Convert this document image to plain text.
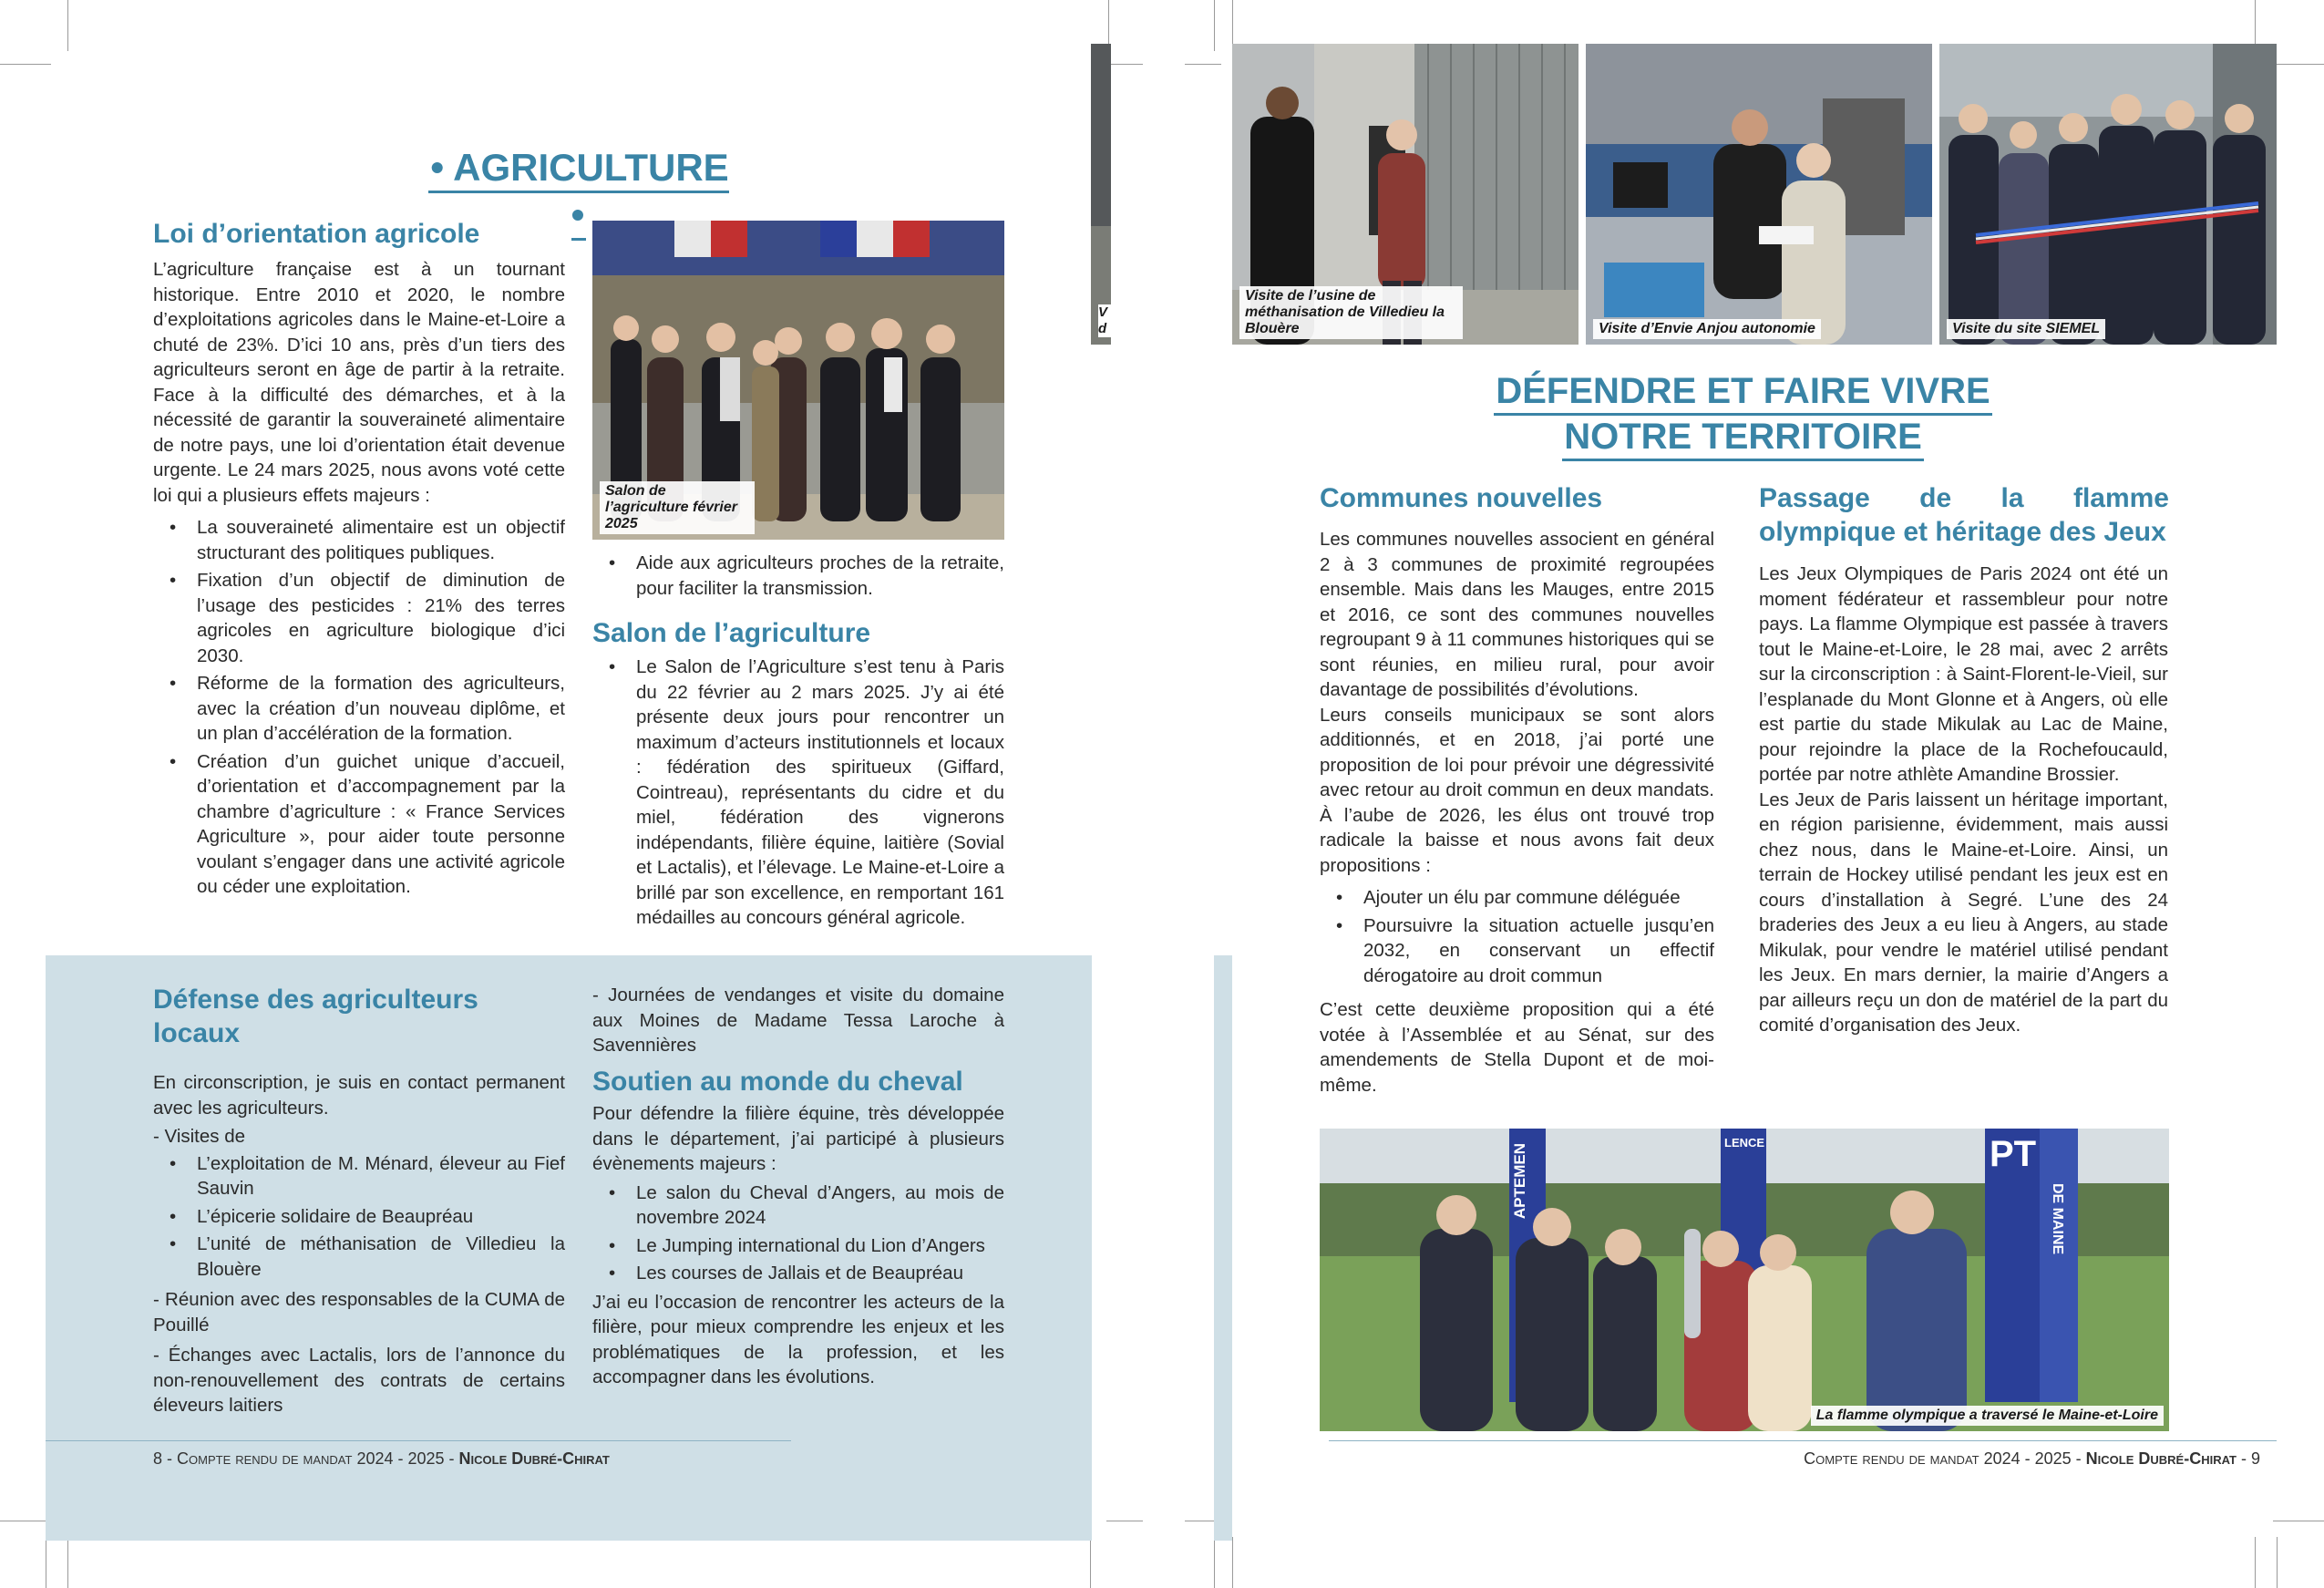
• AGRICULTURE •
Loi d’orientation agricole

L’agriculture française est à un tournant historique. Entre 2010 et 2020, le nombre d’exploitations agricoles dans le Maine-et-Loire a chuté de 23%. D’ici 10 ans, près d’un tiers des agriculteurs seront en âge de partir à la retraite. Face à la difficulté des démarches, et à la nécessité de garantir la souveraineté alimentaire de notre pays, une loi d’orientation était devenue urgente. Le 24 mars 2025, nous avons voté cette loi qui a plusieurs effets majeurs :

• La souveraineté alimentaire est un objectif structurant des politiques publiques.
• Fixation d’un objectif de diminution de l’usage des pesticides : 21% des terres agricoles en agriculture biologique d’ici 2030.
• Réforme de la formation des agriculteurs, avec la création d’un nouveau diplôme, et un plan d’accélération de la formation.
• Création d’un guichet unique d’accueil, d’orientation et d’accompagnement par la chambre d’agriculture : « France Services Agriculture », pour aider toute personne voulant s’engager dans une activité agricole ou céder une exploitation.
Salon de l’agriculture février 2025
• Aide aux agriculteurs proches de la retraite, pour faciliter la transmission.
Salon de l’agriculture
• Le Salon de l’Agriculture s’est tenu à Paris du 22 février au 2 mars 2025. J’y ai été présente deux jours pour rencontrer un maximum d’acteurs institutionnels et locaux : fédération des spiritueux (Giffard, Cointreau), représentants du cidre et du miel, fédération des vignerons indépendants, filière équine, laitière (Sovial et Lactalis), et l’élevage. Le Maine-et-Loire a brillé par son excellence, en remportant 161 médailles au concours général agricole.
Défense des agriculteurs locaux

En circonscription, je suis en contact permanent avec les agriculteurs.

- Visites de

• L’exploitation de M. Ménard, éleveur au Fief Sauvin
• L’épicerie solidaire de Beaupréau
• L’unité de méthanisation de Villedieu la Blouère

- Réunion avec des responsables de la CUMA de Pouillé

- Échanges avec Lactalis, lors de l’annonce du non-renouvellement des contrats de certains éleveurs laitiers

- Journées de vendanges et visite du domaine aux Moines de Madame Tessa Laroche à Savennières
Soutien au monde du cheval

Pour défendre la filière équine, très développée dans le département, j’ai participé à plusieurs évènements majeurs :

• Le salon du Cheval d’Angers, au mois de novembre 2024
• Le Jumping international du Lion d’Angers
• Les courses de Jallais et de Beaupréau

J’ai eu l’occasion de rencontrer les acteurs de la filière, pour mieux comprendre les enjeux et les problématiques de la profession, et les accompagner dans les évolutions.

8 - Compte rendu de mandat 2024 - 2025 - Nicole Dubré-Chirat
V
d
Visite de l’usine de méthanisation de Villedieu la Blouère	Visite d’Envie Anjou autonomie	Visite du site SIEMEL
DÉFENDRE ET FAIRE VIVRE
NOTRE TERRITOIRE
Communes nouvelles

Les communes nouvelles associent en général 2 à 3 communes de proximité regroupées ensemble. Mais dans les Mauges, entre 2015 et 2016, ce sont des communes nouvelles regroupant 9 à 11 communes historiques qui se sont réunies, en milieu rural, pour avoir davantage de possibilités d’évolutions.

Leurs conseils municipaux se sont alors additionnés, et en 2018, j’ai porté une proposition de loi pour prévoir une dégressivité avec retour au droit commun en deux mandats. À l’aube de 2026, les élus ont trouvé trop radicale la baisse et nous avons fait deux propositions :

• Ajouter un élu par commune déléguée
• Poursuivre la situation actuelle jusqu’en 2032, en conservant un effectif dérogatoire au droit commun

C’est cette deuxième proposition qui a été votée à l’Assemblée et au Sénat, sur des amendements de Stella Dupont et de moi-même.

Passage de la flamme olympique et héritage des Jeux

Les Jeux Olympiques de Paris 2024 ont été un moment fédérateur et rassembleur pour notre pays. La flamme Olympique est passée à travers tout le Maine-et-Loire, le 28 mai, avec 2 arrêts sur la circonscription : à Saint-Florent-le-Vieil, sur l’esplanade du Mont Glonne et à Angers, où elle est partie du stade Mikulak au Lac de Maine, pour rejoindre la place de la Rochefoucauld, portée par notre athlète Amandine Brossier.

Les Jeux de Paris laissent un héritage important, en région parisienne, évidemment, mais aussi chez nous, dans le Maine-et-Loire. Ainsi, un terrain de Hockey utilisé pendant les jeux est en cours d’installation à Segré. L’une des 24 braderies des Jeux a eu lieu à Angers, au stade Mikulak, pour vendre le matériel utilisé pendant les Jeux. En mars dernier, la mairie d’Angers a par ailleurs reçu un don de matériel de la part du comité d’organisation des Jeux.

APTEMEN
LENCE	PT
DE MAINE
La flamme olympique a traversé le Maine-et-Loire
Compte rendu de mandat 2024 - 2025 - Nicole Dubré-Chirat - 9
